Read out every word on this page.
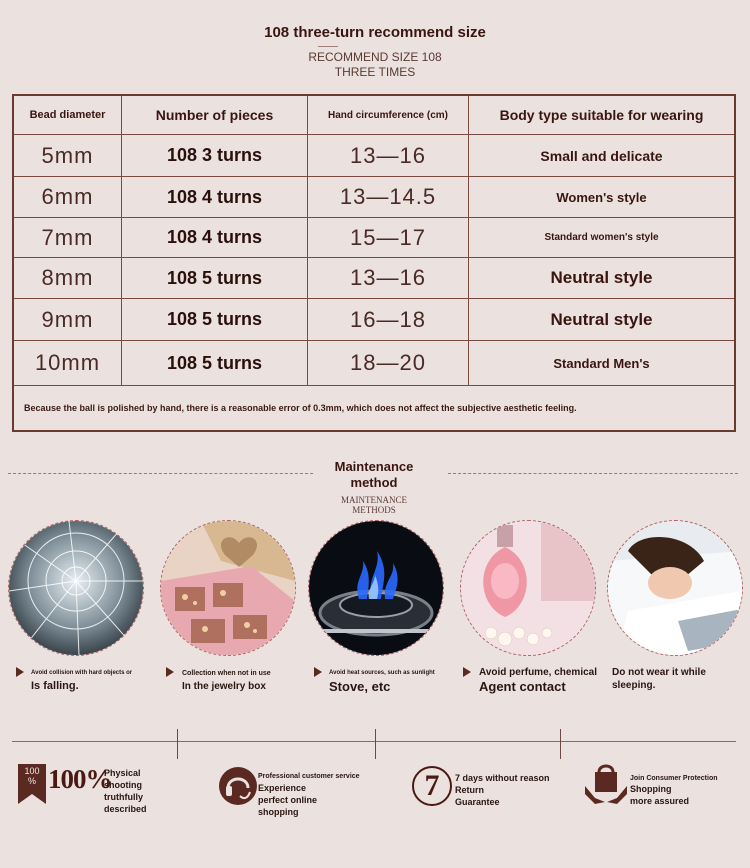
108 three-turn recommend size
RECOMMEND SIZE 108
THREE TIMES
Bead diameter	Number of pieces	Hand circumference (cm)	Body type suitable for wearing
5mm	108 3 turns	13—16	Small and delicate
6mm	108 4 turns	13—14.5	Women's style
7mm	108 4 turns	15—17	Standard women's style
8mm	108 5 turns	13—16	Neutral style
9mm	108 5 turns	16—18	Neutral style
10mm	108 5 turns	18—20	Standard Men's
Because the ball is polished by hand, there is a reasonable error of 0.3mm, which does not affect the subjective aesthetic feeling.			
Maintenance
method
MAINTENANCE
METHODS
Avoid collision with hard objects or
Is falling.
Collection when not in use
In the jewelry box
Avoid heat sources, such as sunlight
Stove, etc
Avoid perfume, chemical
Agent contact
Do not wear it while
sleeping.
100
% 100%
Physical
shooting
truthfully
described
Professional customer service
Experience
perfect online
shopping
7	7 days without reason
Return
Guarantee
Join Consumer Protection
Shopping
more assured
